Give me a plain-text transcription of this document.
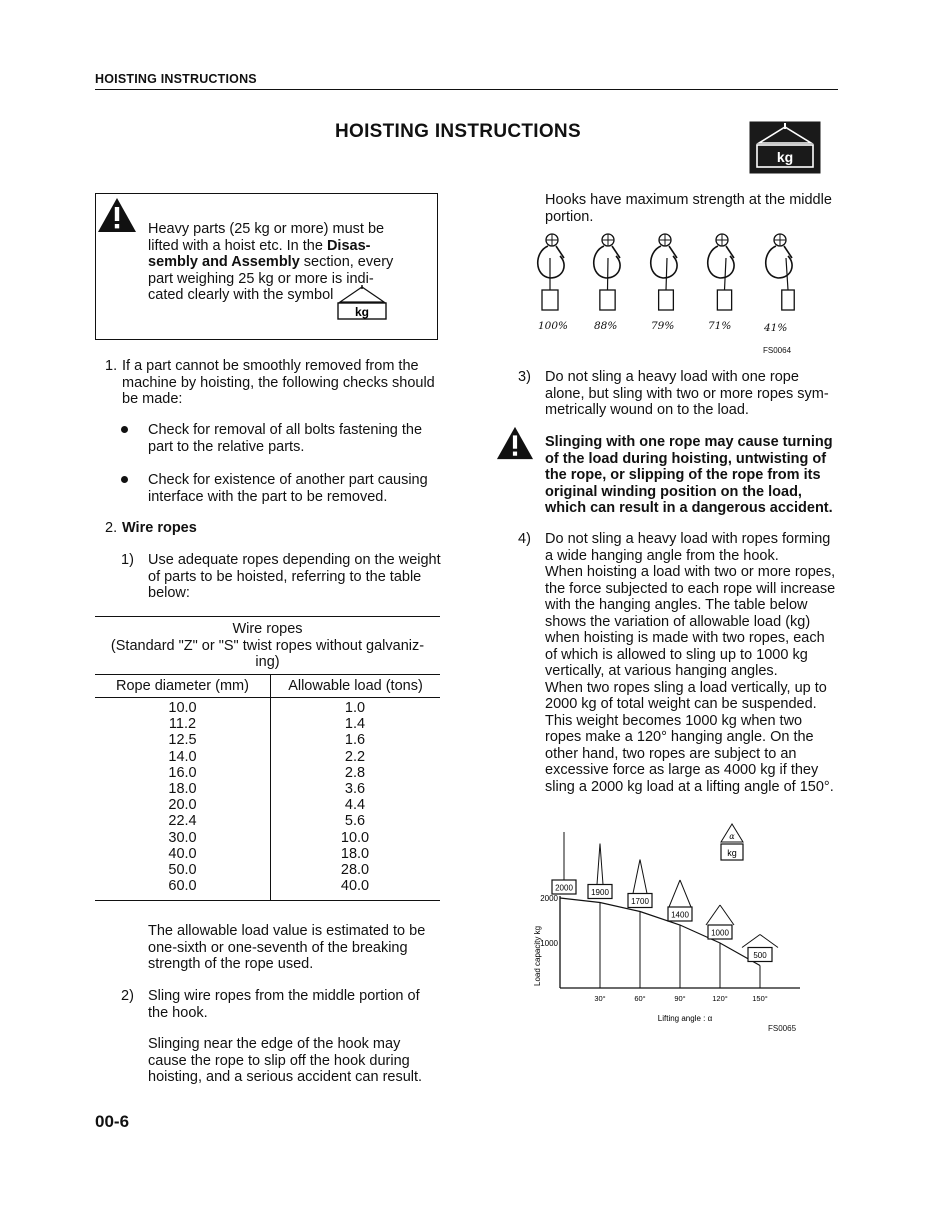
HOISTING INSTRUCTIONS
HOISTING INSTRUCTIONS
kg
Heavy parts (25 kg or more) must be
lifted with a hoist etc. In the Disas-
sembly and Assembly section, every
part weighing 25 kg or more is indi-
cated clearly with the symbol
kg
1. If a part cannot be smoothly removed from the
machine by hoisting, the following checks should
be made:
Check for removal of all bolts fastening the
part to the relative parts.
Check for existence of another part causing
interface with the part to be removed.
2. Wire ropes
1) Use adequate ropes depending on the weight
of parts to be hoisted, referring to the table
below:
Wire ropes
(Standard "Z" or "S" twist ropes without galvaniz-
ing)
Rope diameter (mm)	Allowable load (tons)
10.0	1.0
11.2	1.4
12.5	1.6
14.0	2.2
16.0	2.8
18.0	3.6
20.0	4.4
22.4	5.6
30.0	10.0
40.0	18.0
50.0	28.0
60.0	40.0
The allowable load value is estimated to be
one-sixth or one-seventh of the breaking
strength of the rope used.
2) Sling wire ropes from the middle portion of
the hook.
Slinging near the edge of the hook may
cause the rope to slip off the hook during
hoisting, and a serious accident can result.
00-6
Hooks have maximum strength at the middle
portion.
100% 88%	79%	71%	41%
FS0064
3) Do not sling a heavy load with one rope
alone, but sling with two or more ropes sym-
metrically wound on to the load.
Slinging with one rope may cause turning
of the load during hoisting, untwisting of
the rope, or slipping of the rope from its
original winding position on the load,
which can result in a dangerous accident.
4) Do not sling a heavy load with ropes forming
a wide hanging angle from the hook.
When hoisting a load with two or more ropes,
the force subjected to each rope will increase
with the hanging angles. The table below
shows the variation of allowable load (kg)
when hoisting is made with two ropes, each
of which is allowed to sling up to 1000 kg
vertically, at various hanging angles.
When two ropes sling a load vertically, up to
2000 kg of total weight can be suspended.
This weight becomes 1000 kg when two
ropes make a 120° hanging angle. On the
other hand, two ropes are subject to an
excessive force as large as 4000 kg if they
sling a 2000 kg load at a lifting angle of 150°.
Load capacity kg
1000
2000
30°	60°	90°	120°	150°
Lifting angle : α
2000 1900
1700
1400
1000
500
α
kg
FS0065
